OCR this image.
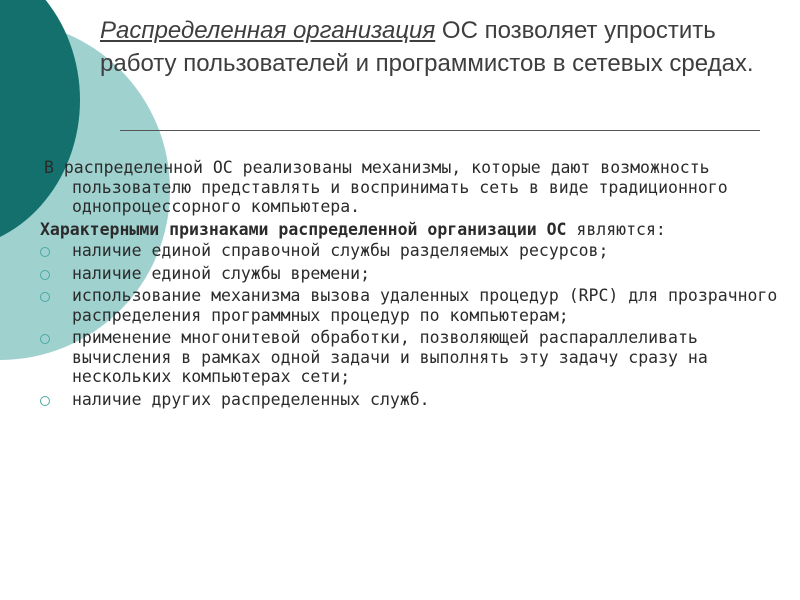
Распределенная организация ОС позволяет упростить работу пользователей и программистов в сетевых средах.

В распределенной ОС реализованы механизмы, которые дают возможность пользователю представлять и воспринимать сеть в виде традиционного однопроцессорного компьютера.

Характерными признаками распределенной организации ОС являются:

наличие единой справочной службы разделяемых ресурсов;
наличие единой службы времени;
использование механизма вызова удаленных процедур (RPC) для прозрачного распределения программных процедур по компьютерам;
применение многонитевой обработки, позволяющей распараллеливать вычисления в рамках одной задачи и выполнять эту задачу сразу на нескольких компьютерах сети;
наличие других распределенных служб.
